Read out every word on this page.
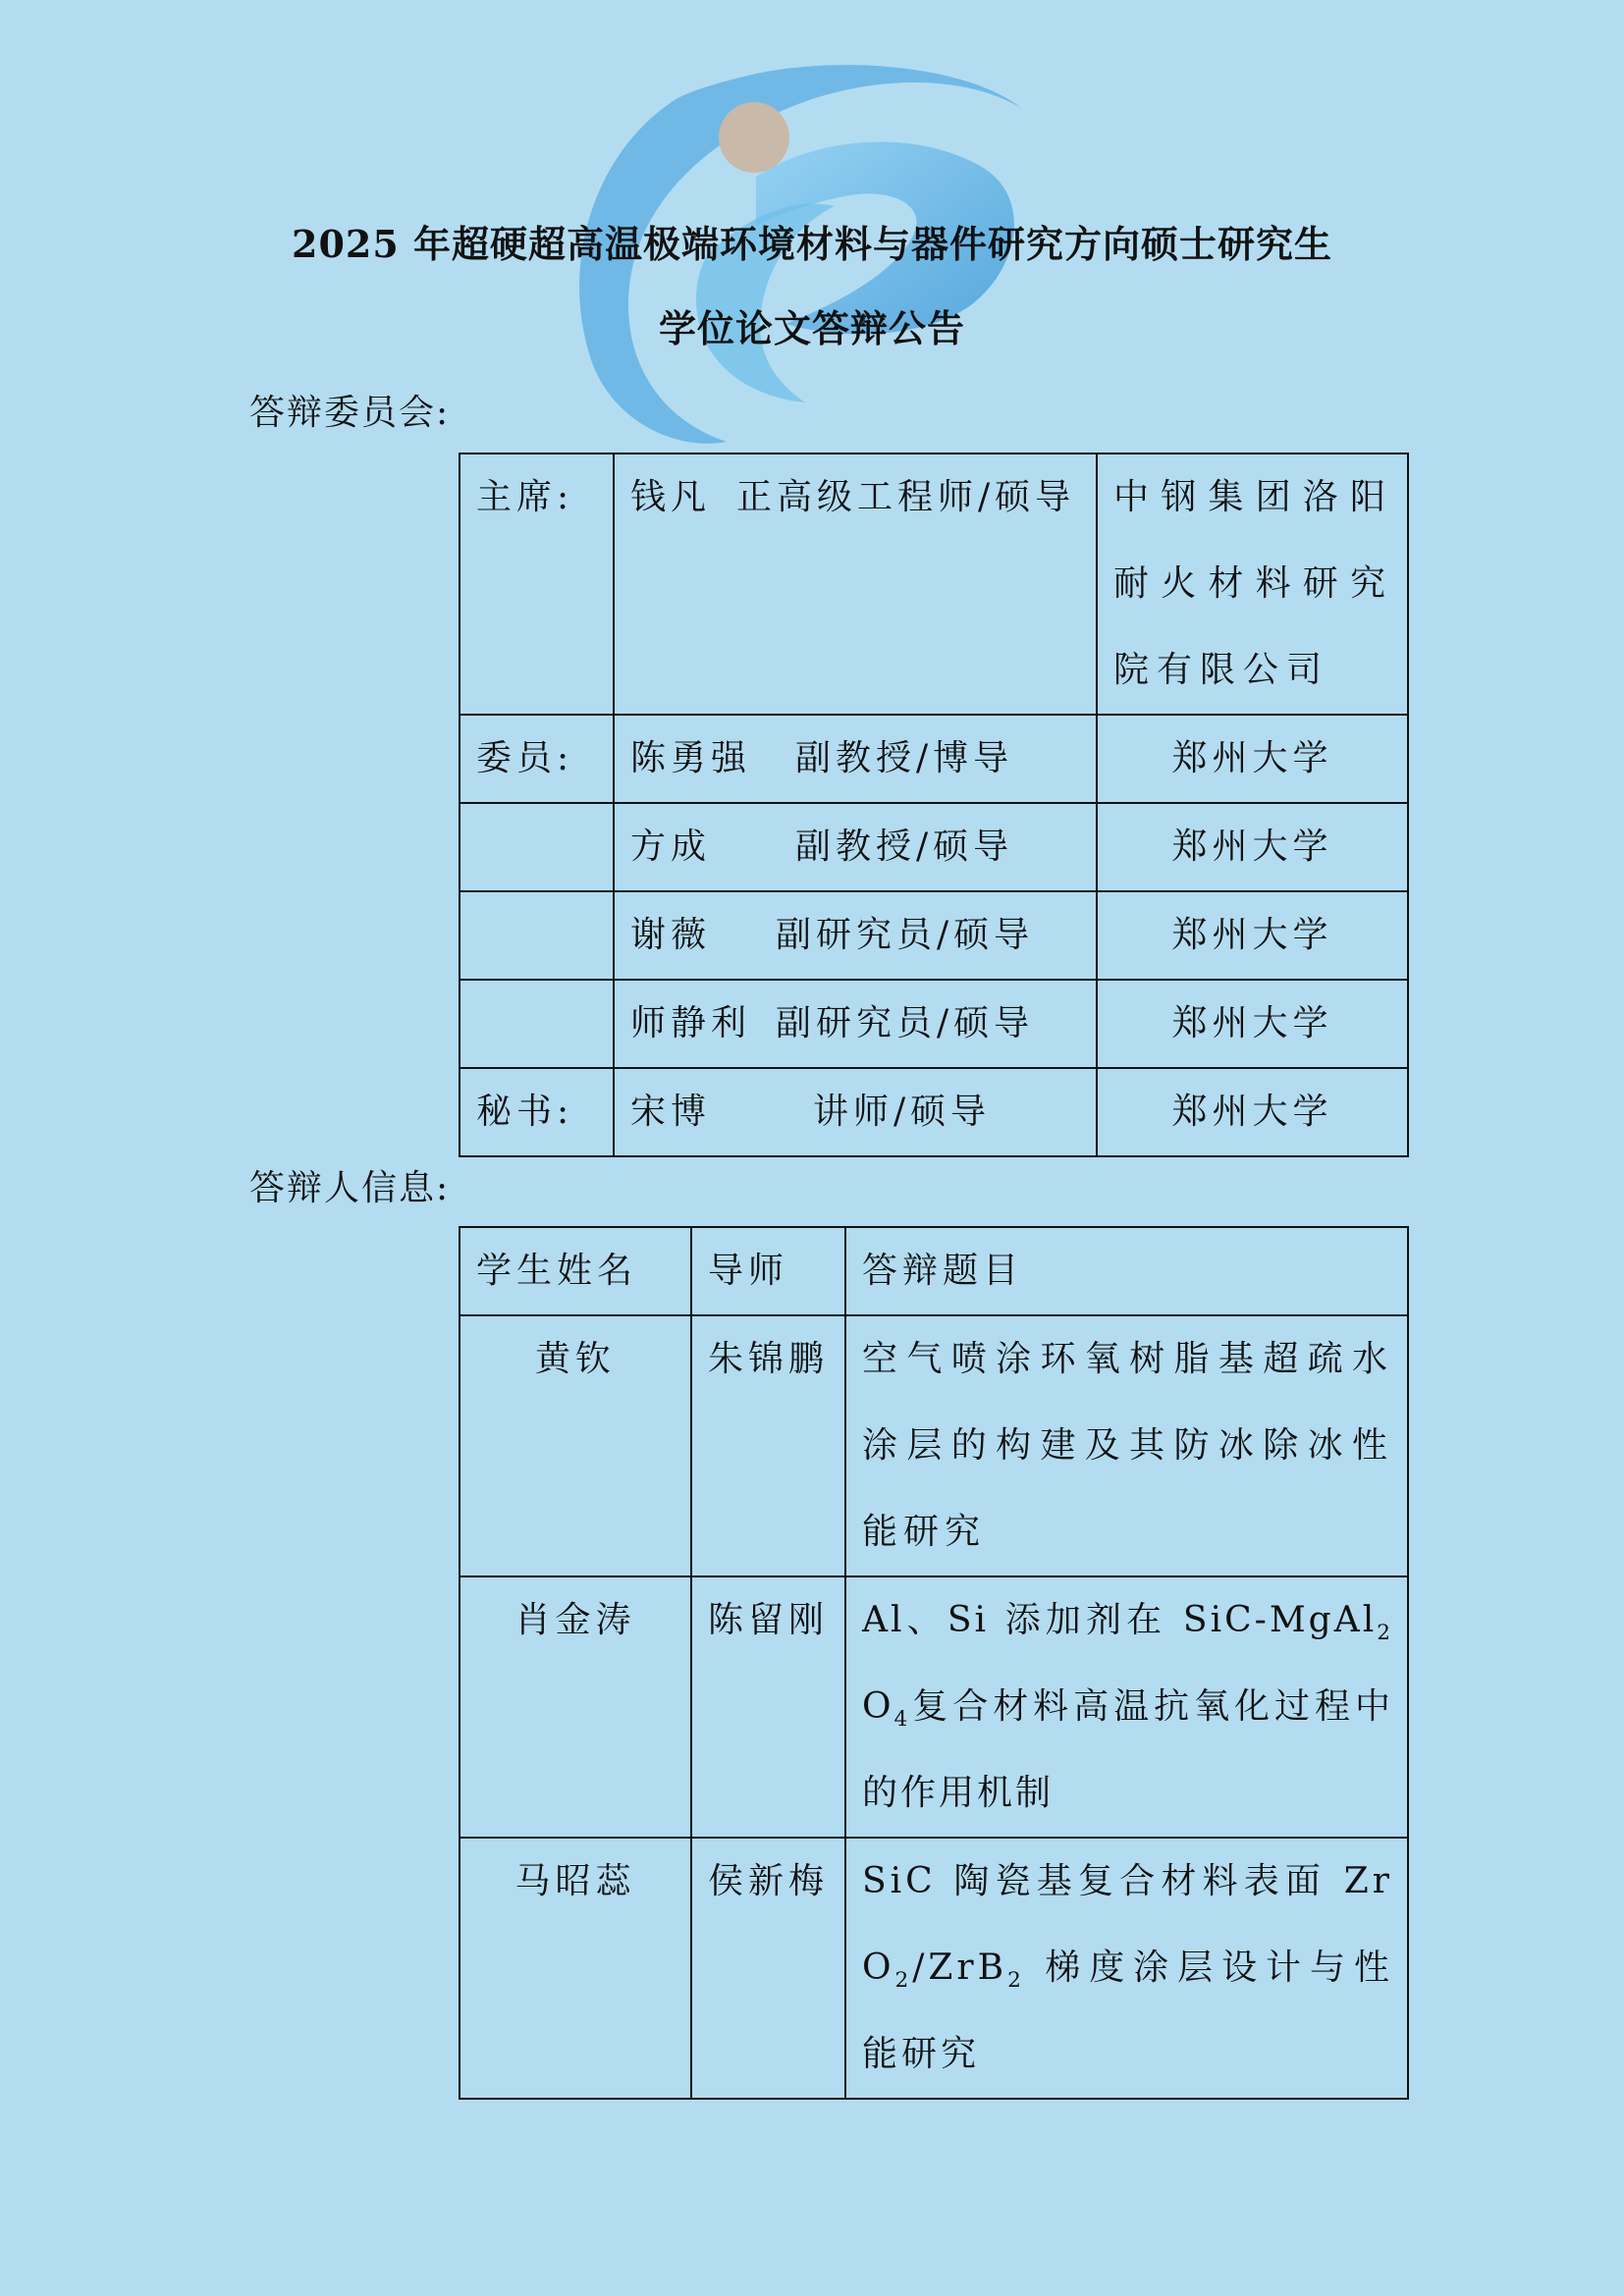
2025 年超硬超高温极端环境材料与器件研究方向硕士研究生
学位论文答辩公告
答辩委员会:
主席:	钱凡 正高级工程师/硕导	中钢集团洛阳耐火材料研究院有限公司
委员:	陈勇强 副教授/博导	郑州大学
	方成 副教授/硕导	郑州大学
	谢薇 副研究员/硕导	郑州大学
	师静利 副研究员/硕导	郑州大学
秘书:	宋博 讲师/硕导	郑州大学
答辩人信息:
学生姓名	导师	答辩题目
黄钦	朱锦鹏	空气喷涂环氧树脂基超疏水涂层的构建及其防冰除冰性能研究
肖金涛	陈留刚	Al、Si 添加剂在 SiC-$MgAl_2O_4$复合材料高温抗氧化过程中的作用机制
马昭蕊	侯新梅	SiC 陶瓷基复合材料表面 ZrO$_2$/ZrB$_2$ 梯度涂层设计与性能研究
